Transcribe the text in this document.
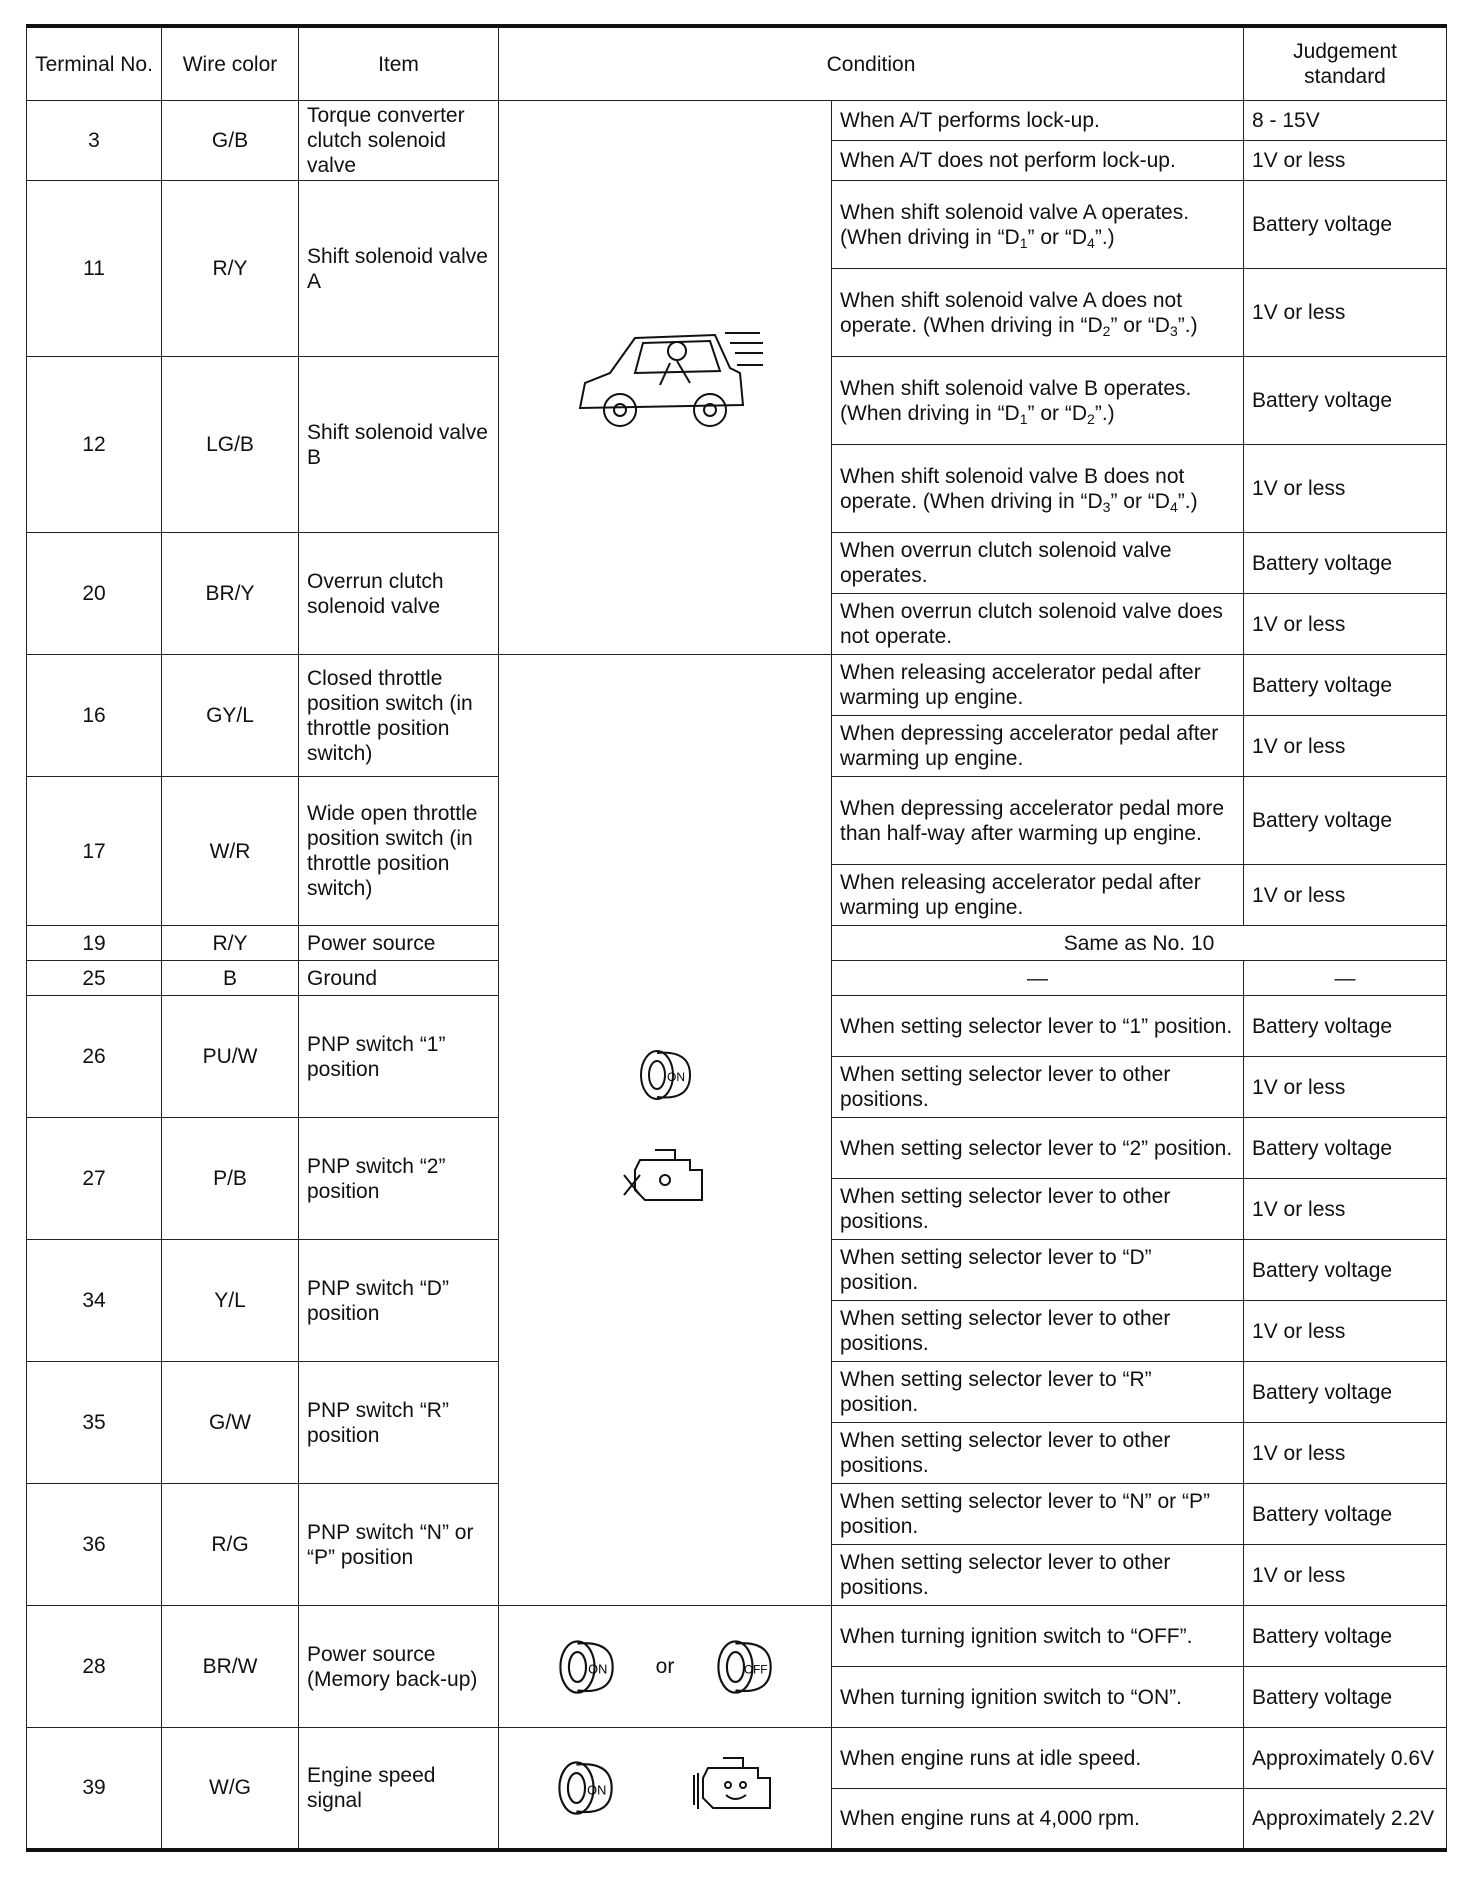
Terminal No.	Wire color	Item	Condition		Judgement standard
3	G/B	Torque converter clutch solenoid valve		When A/T performs lock-up.	8 - 15V
				When A/T does not perform lock-up.	1V or less
11	R/Y	Shift solenoid valve A		When shift solenoid valve A operates. (When driving in “$D_1$” or “$D_4$”.)	Battery voltage
				When shift solenoid valve A does not operate. (When driving in “$D_2$” or “$D_3$”.)	1V or less
12	LG/B	Shift solenoid valve B		When shift solenoid valve B operates. (When driving in “$D_1$” or “$D_2$”.)	Battery voltage
				When shift solenoid valve B does not operate. (When driving in “$D_3$” or “$D_4$”.)	1V or less
20	BR/Y	Overrun clutch solenoid valve		When overrun clutch solenoid valve operates.	Battery voltage
				When overrun clutch solenoid valve does not operate.	1V or less
16	GY/L	Closed throttle position switch (in throttle position switch)	ON	When releasing accelerator pedal after warming up engine.	Battery voltage
				When depressing accelerator pedal after warming up engine.	1V or less
17	W/R	Wide open throttle position switch (in throttle position switch)		When depressing accelerator pedal more than half-way after warming up engine.	Battery voltage
				When releasing accelerator pedal after warming up engine.	1V or less
19	R/Y	Power source		Same as No. 10	
25	B	Ground		—	—
26	PU/W	PNP switch “1” position		When setting selector lever to “1” position.	Battery voltage
				When setting selector lever to other positions.	1V or less
27	P/B	PNP switch “2” position		When setting selector lever to “2” position.	Battery voltage
				When setting selector lever to other positions.	1V or less
34	Y/L	PNP switch “D” position		When setting selector lever to “D” position.	Battery voltage
				When setting selector lever to other positions.	1V or less
35	G/W	PNP switch “R” position		When setting selector lever to “R” position.	Battery voltage
				When setting selector lever to other positions.	1V or less
36	R/G	PNP switch “N” or “P” position		When setting selector lever to “N” or “P” position.	Battery voltage
				When setting selector lever to other positions.	1V or less
28	BR/W	Power source (Memory back-up)	ON or OFF	When turning ignition switch to “OFF”.	Battery voltage
				When turning ignition switch to “ON”.	Battery voltage
39	W/G	Engine speed signal	ON	When engine runs at idle speed.	Approximately 0.6V
				When engine runs at 4,000 rpm.	Approximately 2.2V
